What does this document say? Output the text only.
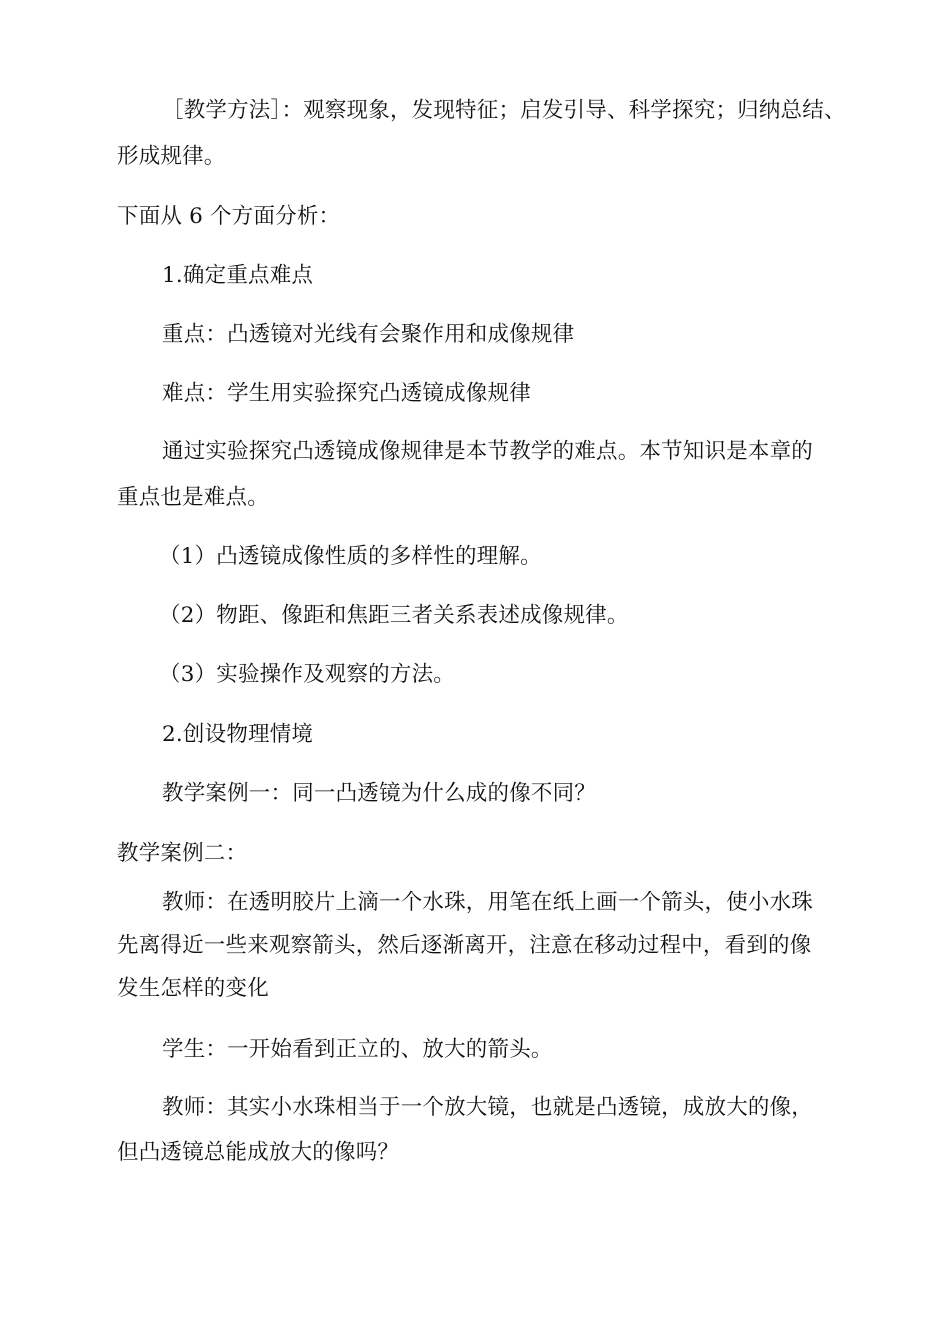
［教学方法］：观察现象，发现特征；启发引导、科学探究；归纳总结、
形成规律。
下面从 6 个方面分析：
1.确定重点难点
重点：凸透镜对光线有会聚作用和成像规律
难点：学生用实验探究凸透镜成像规律
通过实验探究凸透镜成像规律是本节教学的难点。本节知识是本章的
重点也是难点。
（1）凸透镜成像性质的多样性的理解。
（2）物距、像距和焦距三者关系表述成像规律。
（3）实验操作及观察的方法。
2.创设物理情境
教学案例一：同一凸透镜为什么成的像不同？
教学案例二：
教师：在透明胶片上滴一个水珠，用笔在纸上画一个箭头，使小水珠
先离得近一些来观察箭头，然后逐渐离开，注意在移动过程中，看到的像
发生怎样的变化
学生：一开始看到正立的、放大的箭头。
教师：其实小水珠相当于一个放大镜，也就是凸透镜，成放大的像，
但凸透镜总能成放大的像吗？
